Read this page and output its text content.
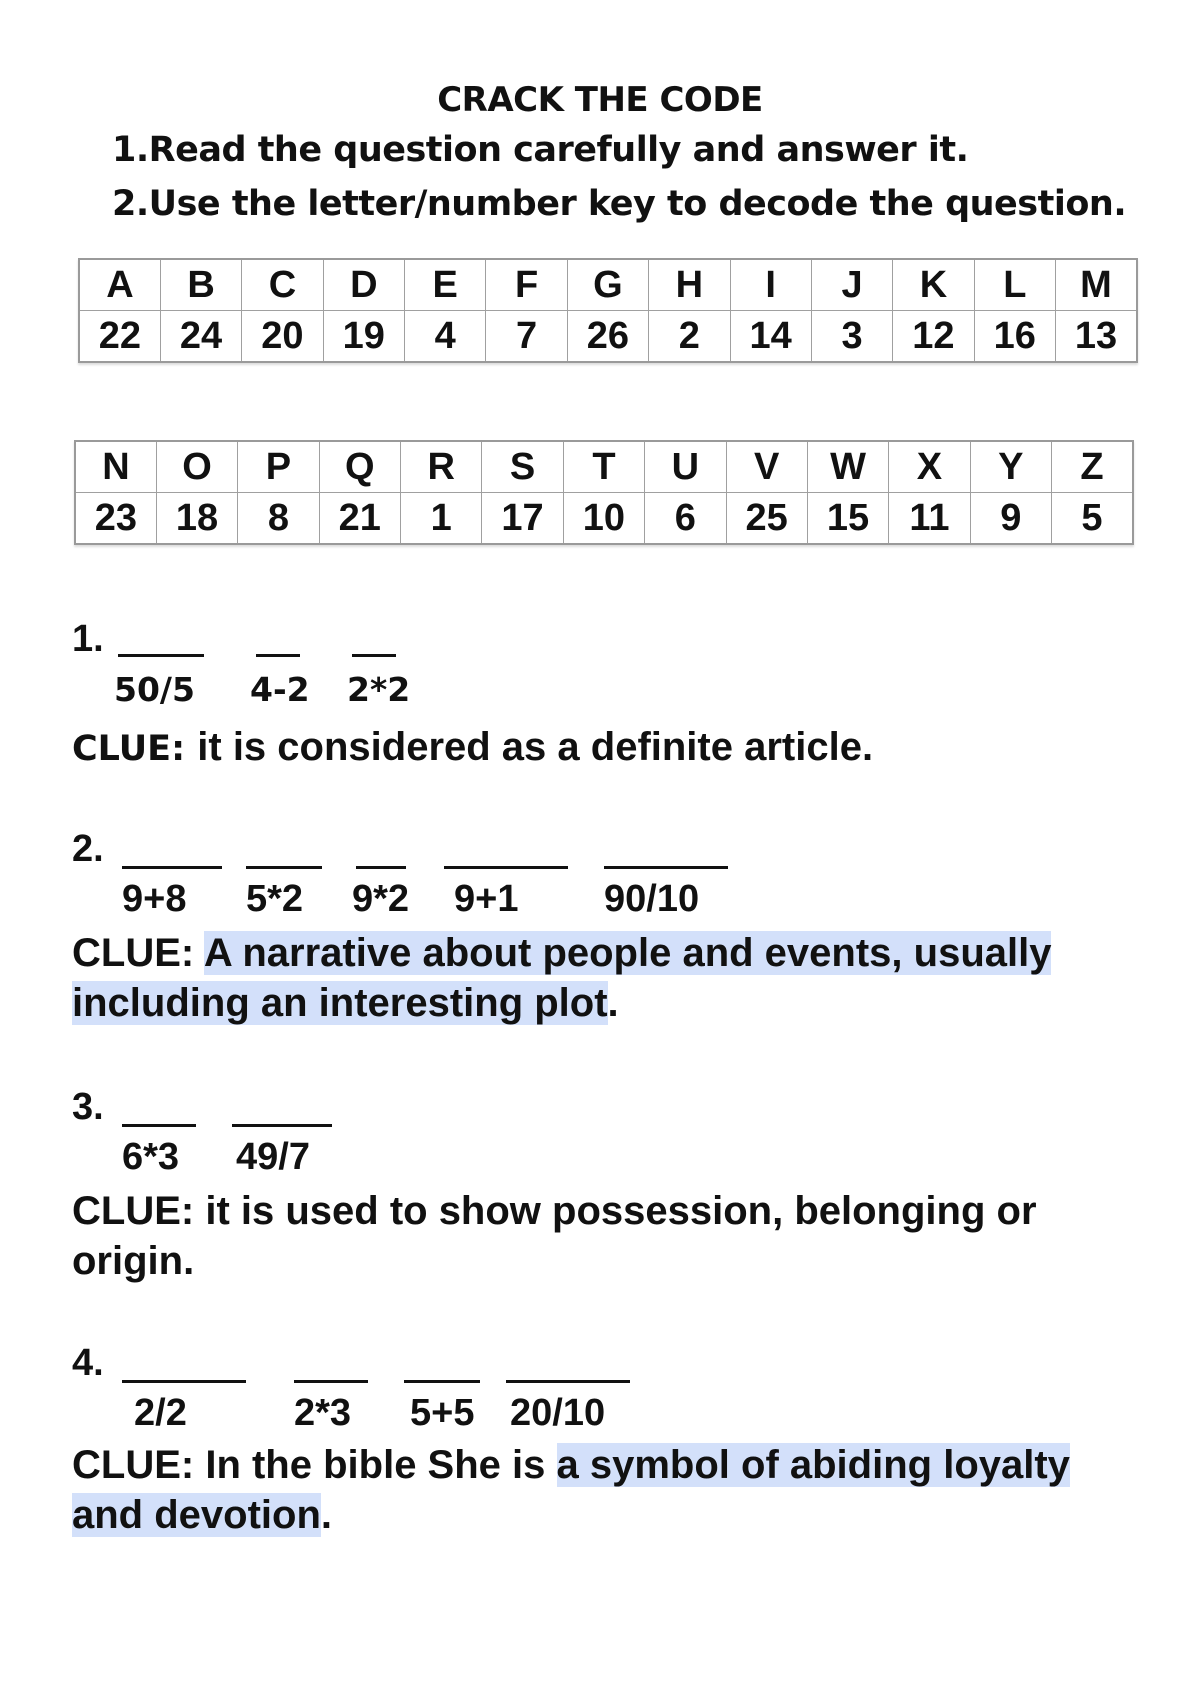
CRACK THE CODE
1.Read the question carefully and answer it.
2.Use the letter/number key to decode the question.
A	B	C	D	E	F	G	H	I	J	K	L	M
22	24	20	19	4	7	26	2	14	3	12	16	13
N	O	P	Q	R	S	T	U	V	W	X	Y	Z
23	18	8	21	1	17	10	6	25	15	11	9	5
1.
50/5 4-2 2*2
CLUE: it is considered as a definite article.
2.
9+8 5*2 9*2 9+1 90/10
CLUE: A narrative about people and events, usually including an interesting plot.
3.
6*3 49/7
CLUE: it is used to show possession, belonging or origin.
4.
2/2	2*3 5+5 20/10
CLUE: In the bible She is a symbol of abiding loyalty and devotion.
